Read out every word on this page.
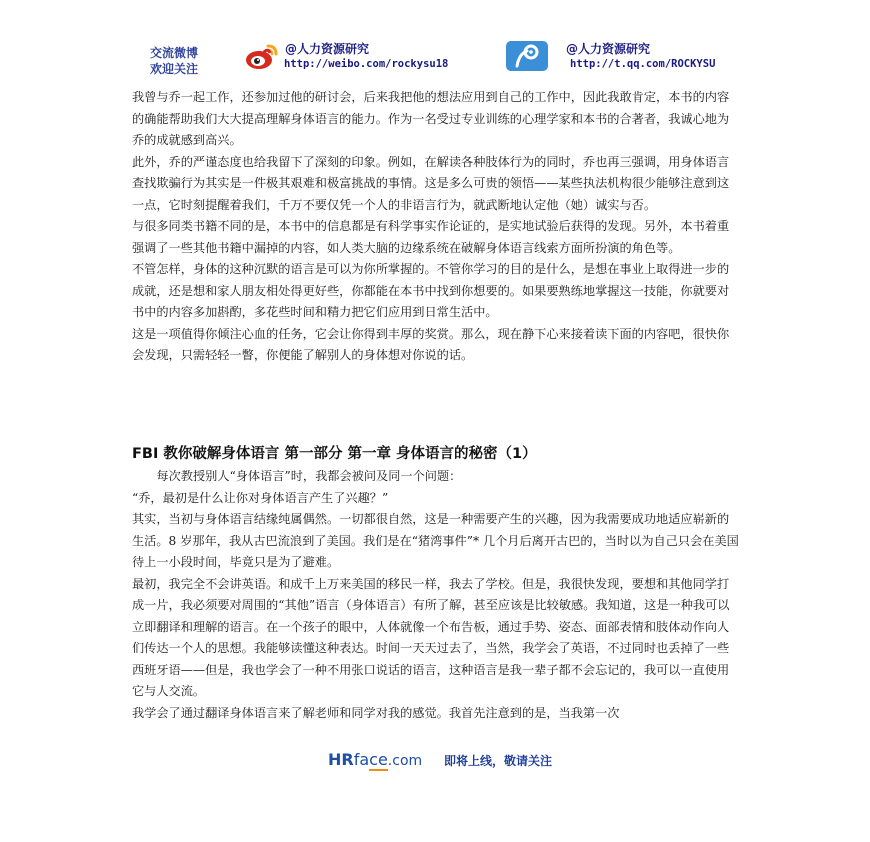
交流微博
欢迎关注
@人力资源研究
http://weibo.com/rockysu18
@人力资源研究
http://t.qq.com/ROCKYSU

我曾与乔一起工作，还参加过他的研讨会，后来我把他的想法应用到自己的工作中，因此我敢肯定，本书的内容的确能帮助我们大大提高理解身体语言的能力。作为一名受过专业训练的心理学家和本书的合著者，我诚心地为乔的成就感到高兴。

此外，乔的严谨态度也给我留下了深刻的印象。例如，在解读各种肢体行为的同时，乔也再三强调，用身体语言查找欺骗行为其实是一件极其艰难和极富挑战的事情。这是多么可贵的领悟——某些执法机构很少能够注意到这一点，它时刻提醒着我们，千万不要仅凭一个人的非语言行为，就武断地认定他（她）诚实与否。

与很多同类书籍不同的是，本书中的信息都是有科学事实作论证的，是实地试验后获得的发现。另外，本书着重强调了一些其他书籍中漏掉的内容，如人类大脑的边缘系统在破解身体语言线索方面所扮演的角色等。

不管怎样，身体的这种沉默的语言是可以为你所掌握的。不管你学习的目的是什么，是想在事业上取得进一步的成就，还是想和家人朋友相处得更好些，你都能在本书中找到你想要的。如果要熟练地掌握这一技能，你就要对书中的内容多加斟酌，多花些时间和精力把它们应用到日常生活中。

这是一项值得你倾注心血的任务，它会让你得到丰厚的奖赏。那么，现在静下心来接着读下面的内容吧，很快你会发现，只需轻轻一瞥，你便能了解别人的身体想对你说的话。

FBI 教你破解身体语言 第一部分 第一章 身体语言的秘密（1）

每次教授别人“身体语言”时，我都会被问及同一个问题：

“乔，最初是什么让你对身体语言产生了兴趣？”

其实，当初与身体语言结缘纯属偶然。一切都很自然，这是一种需要产生的兴趣，因为我需要成功地适应崭新的生活。8 岁那年，我从古巴流浪到了美国。我们是在“猪湾事件”* 几个月后离开古巴的，当时以为自己只会在美国待上一小段时间，毕竟只是为了避难。

最初，我完全不会讲英语。和成千上万来美国的移民一样，我去了学校。但是，我很快发现，要想和其他同学打成一片，我必须要对周围的“其他”语言（身体语言）有所了解，甚至应该是比较敏感。我知道，这是一种我可以立即翻译和理解的语言。在一个孩子的眼中，人体就像一个布告板，通过手势、姿态、面部表情和肢体动作向人们传达一个人的思想。我能够读懂这种表达。时间一天天过去了，当然，我学会了英语，不过同时也丢掉了一些西班牙语——但是，我也学会了一种不用张口说话的语言，这种语言是我一辈子都不会忘记的，我可以一直使用它与人交流。

我学会了通过翻译身体语言来了解老师和同学对我的感觉。我首先注意到的是，当我第一次

HRface.com 即将上线，敬请关注
